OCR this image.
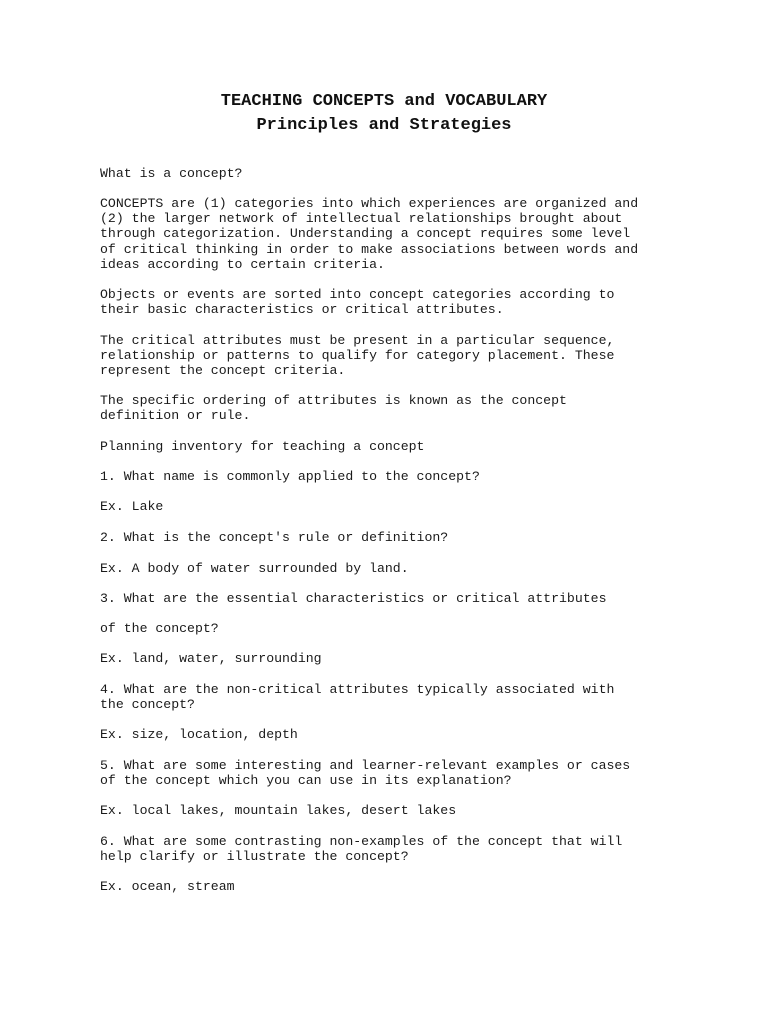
TEACHING CONCEPTS and VOCABULARY
Principles and Strategies
What is a concept?
CONCEPTS are (1) categories into which experiences are organized and
(2) the larger network of intellectual relationships brought about
through categorization. Understanding a concept requires some level
of critical thinking in order to make associations between words and
ideas according to certain criteria.
Objects or events are sorted into concept categories according to
their basic characteristics or critical attributes.
The critical attributes must be present in a particular sequence,
relationship or patterns to qualify for category placement. These
represent the concept criteria.
The specific ordering of attributes is known as the concept
definition or rule.
Planning inventory for teaching a concept
1. What name is commonly applied to the concept?
Ex. Lake
2. What is the concept's rule or definition?
Ex. A body of water surrounded by land.
3. What are the essential characteristics or critical attributes
of the concept?
Ex. land, water, surrounding
4. What are the non-critical attributes typically associated with
the concept?
Ex. size, location, depth
5. What are some interesting and learner-relevant examples or cases
of the concept which you can use in its explanation?
Ex. local lakes, mountain lakes, desert lakes
6. What are some contrasting non-examples of the concept that will
help clarify or illustrate the concept?
Ex. ocean, stream
